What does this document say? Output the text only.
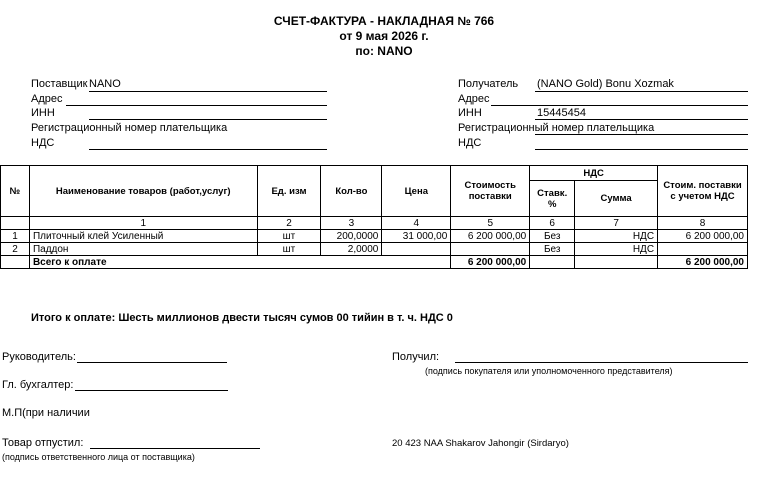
СЧЕТ-ФАКТУРА - НАКЛАДНАЯ № 766
от 9 мая 2026 г.
по: NANO
Поставщик NANO
Адрес
ИНН
Регистрационный номер плательщика
НДС
Получатель (NANO Gold) Bonu Xozmak
Адрес
ИНН	15445454
Регистрационный номер плательщика
НДС
№	Наименование товаров (работ,услуг)	Ед. изм	Кол-во	Цена	Стоимость поставки	НДС		Стоим. поставки с учетом НДС
						Ставк. %	Сумма	
	1	2	3	4	5	6	7	8
1	Плиточный клей Усиленный	шт	200,0000	31 000,00	6 200 000,00	Без	НДС	6 200 000,00
2	Паддон	шт	2,0000			Без	НДС	
	Всего к оплате				6 200 000,00			6 200 000,00
Итого к оплате: Шесть миллионов двести тысяч сумов 00 тийин в т. ч. НДС 0
Руководитель:
Гл. бухгалтер:
М.П(при наличии
Товар отпустил:
(подпись ответственного лица от поставщика)
Получил:
(подпись покупателя или уполномоченного представителя)
20 423 NAA Shakarov Jahongir (Sirdaryo)
